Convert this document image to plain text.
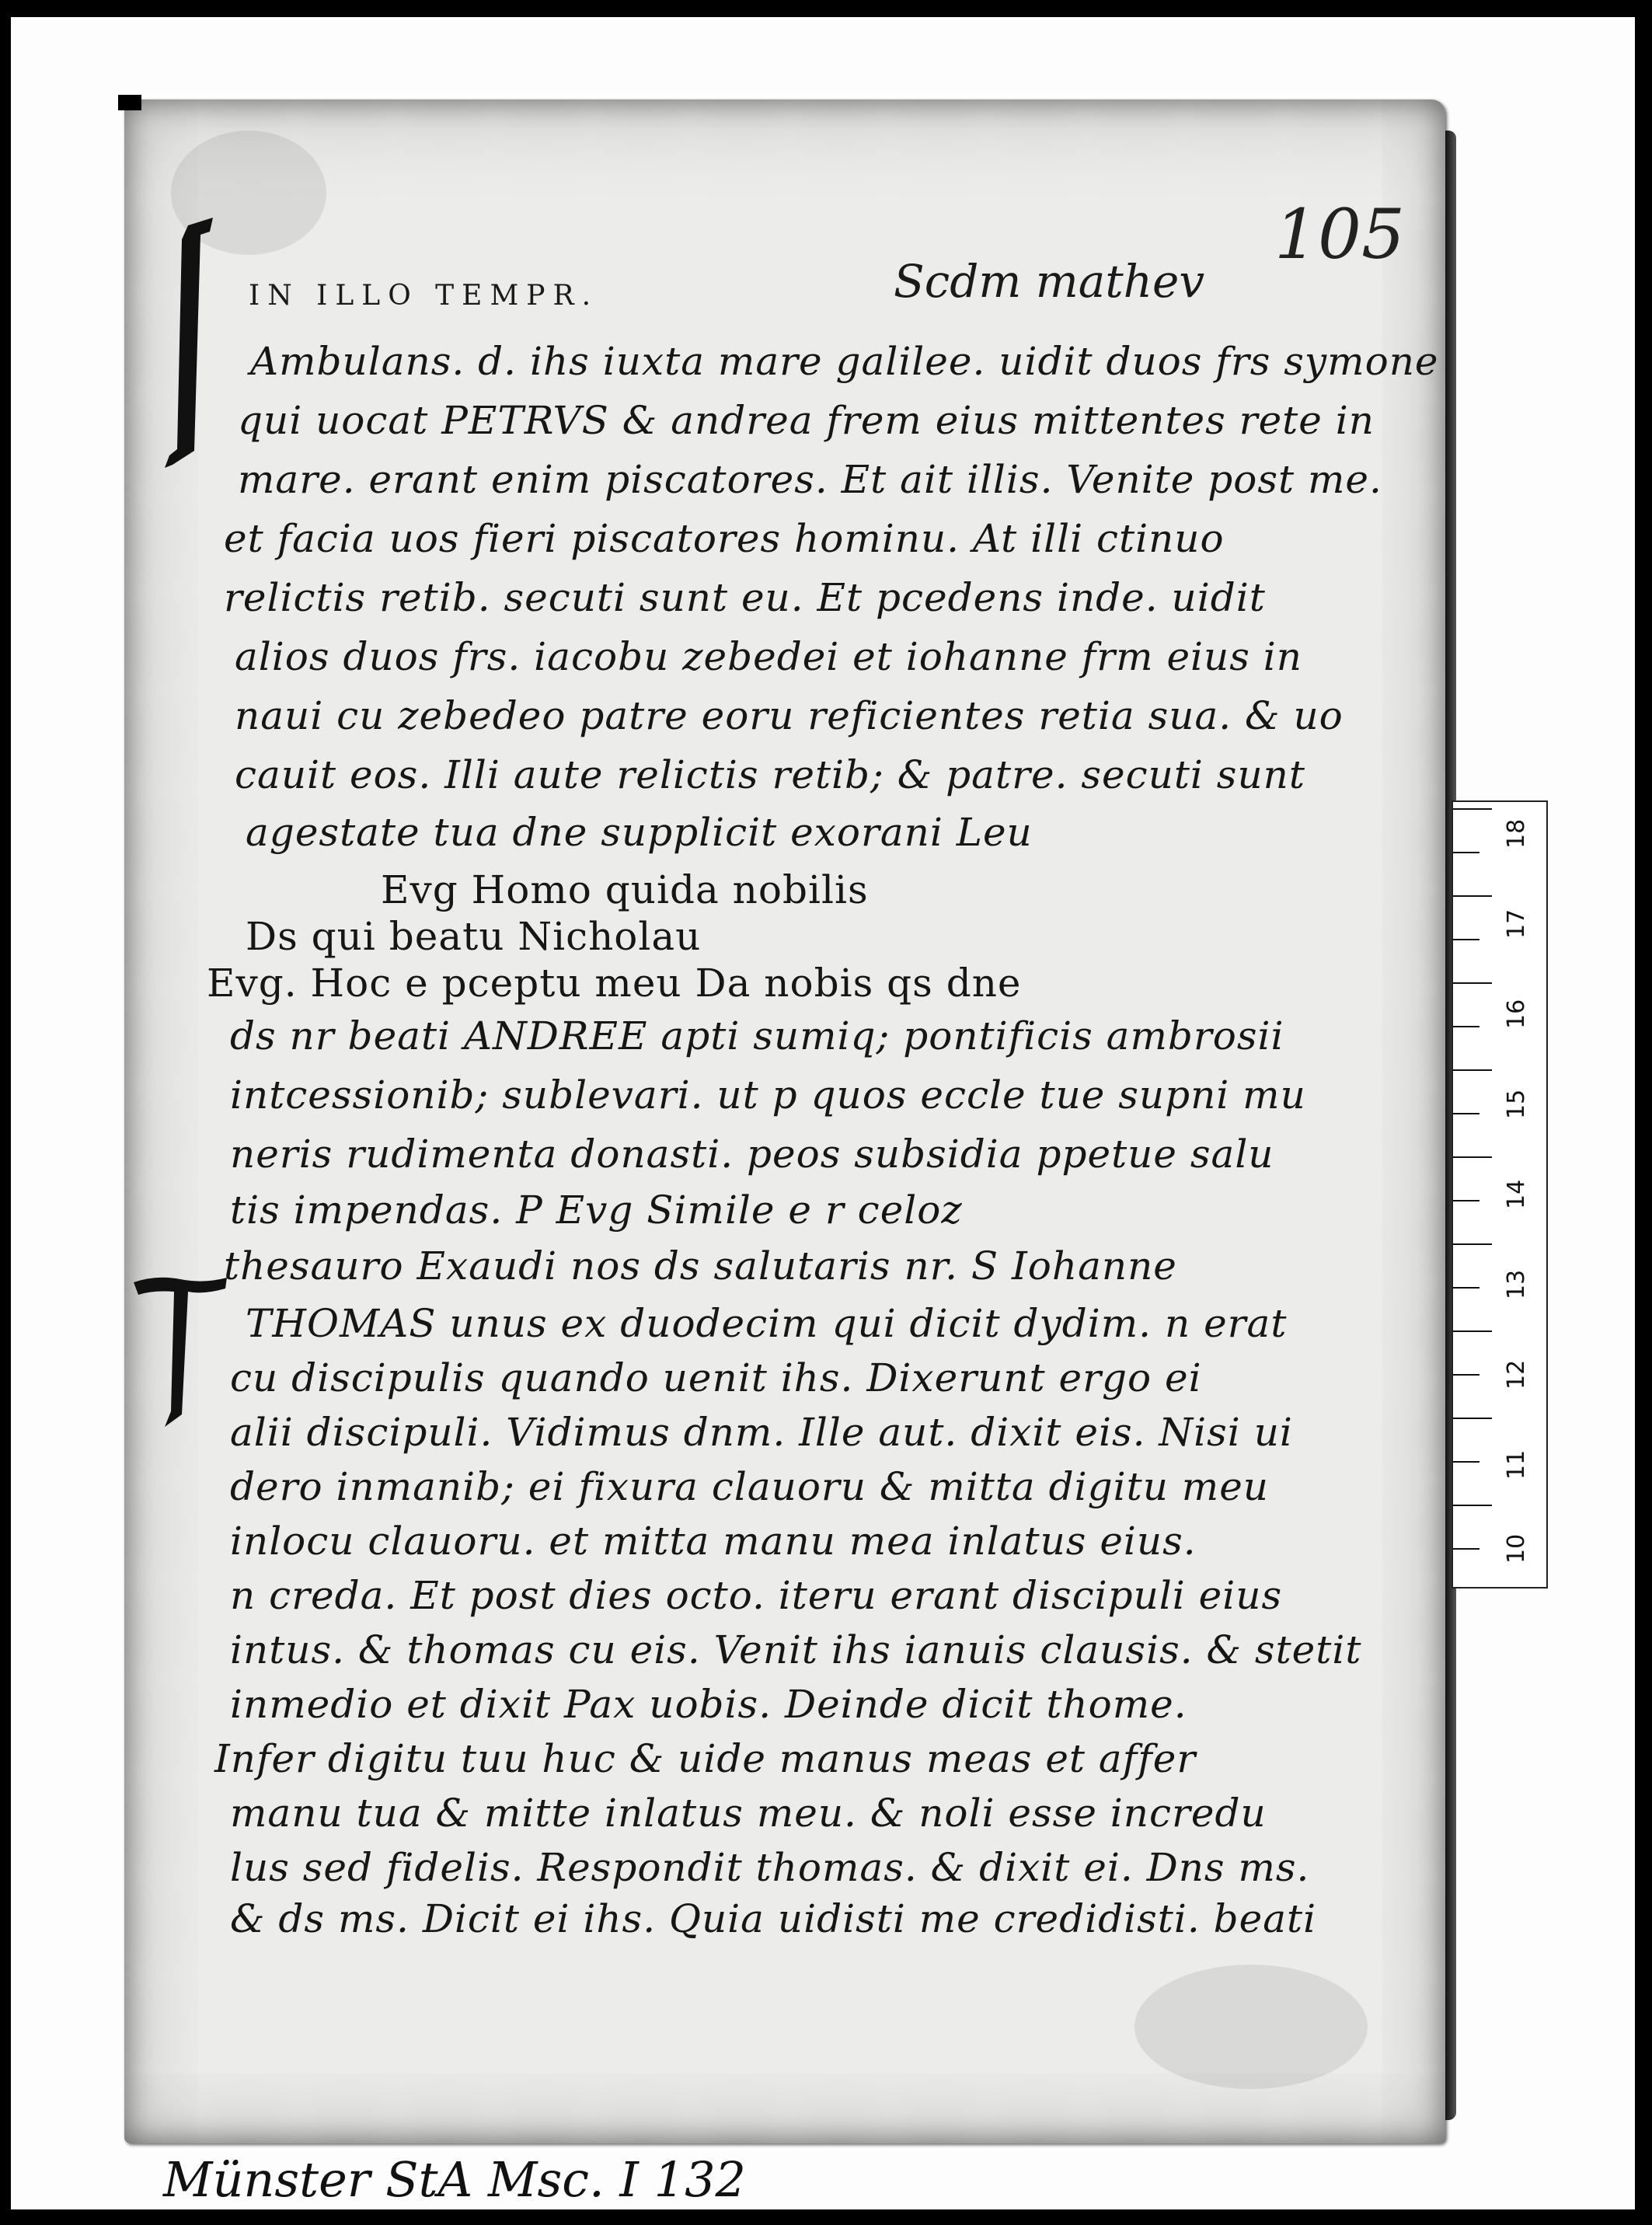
105
IN ILLO TEMPR.	Scdm mathev
Ambulans. d. ihs iuxta mare galilee. uidit duos frs symone
qui uocat PETRVS & andrea frem eius mittentes rete in
mare. erant enim piscatores. Et ait illis. Venite post me.
et facia uos fieri piscatores hominu. At illi ctinuo
relictis retib. secuti sunt eu. Et pcedens inde. uidit
alios duos frs. iacobu zebedei et iohanne frm eius in
naui cu zebedeo patre eoru reficientes retia sua. & uo
cauit eos. Illi aute relictis retib; & patre. secuti sunt
agestate tua dne supplicit exorani Leu
Evg Homo quida nobilis
Ds qui beatu Nicholau
Evg. Hoc e pceptu meu Da nobis qs dne
ds nr beati ANDREE apti sumiq; pontificis ambrosii
intcessionib; sublevari. ut p quos eccle tue supni mu
neris rudimenta donasti. peos subsidia ppetue salu
tis impendas. P Evg Simile e r celoz
thesauro Exaudi nos ds salutaris nr. S Iohanne
THOMAS unus ex duodecim qui dicit dydim. n erat
cu discipulis quando uenit ihs. Dixerunt ergo ei
alii discipuli. Vidimus dnm. Ille aut. dixit eis. Nisi ui
dero inmanib; ei fixura clauoru & mitta digitu meu
inlocu clauoru. et mitta manu mea inlatus eius.
n creda. Et post dies octo. iteru erant discipuli eius
intus. & thomas cu eis. Venit ihs ianuis clausis. & stetit
inmedio et dixit Pax uobis. Deinde dicit thome.
Infer digitu tuu huc & uide manus meas et affer
manu tua & mitte inlatus meu. & noli esse incredu
lus sed fidelis. Respondit thomas. & dixit ei. Dns ms.
& ds ms. Dicit ei ihs. Quia uidisti me credidisti. beati
18
17
16
15
14
13
12
11
10
Münster StA Msc. I 132
